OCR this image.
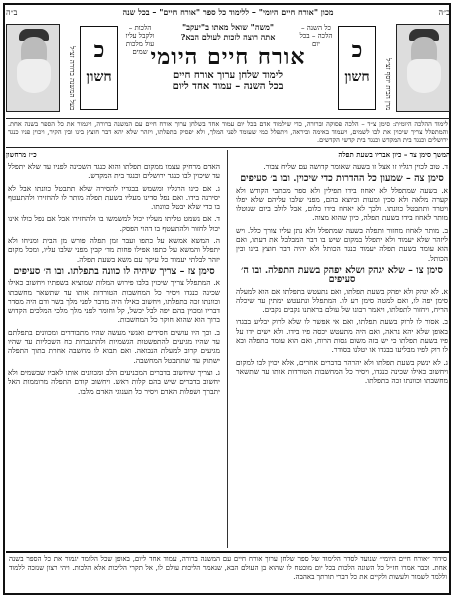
ב״ה
מכון "אורח חיים היומי" – ללימוד כל ספר "אורח חיים" – בכל שנה
ב״ה
מרן הבית יוסף זצ״ל
כ
חשון
כל השנה – הלכה – בכל יום
"משה" שואל מאתו ב"יעקב"
אתה רוצה לזכות לעולם הבא?
אורח חיים היומי
לימוד שלחן ערוך אורח חיים
בכל השנה – עמוד אחד ליום
הלכות – ולקבל עליו עול מלכות שמים
כ
חשון
בעל המשנה ברורה זצ״ל
לימוד ההלכה היומית: סימן צ״ד – הלכה פסוקה וברורה, כדי שילמוד אדם בכל יום עמוד אחד בשלחן ערוך אורח חיים עם המשנה ברורה, ויגמור את כל הספר בשנה אחת. והמתפלל צריך שיכוין את לבו לשמים, ויעמוד באימה וביראה, ויתפלל כמי שעומד לפני המלך, ולא יפסיק בתפלתו, ויזהר שלא יהא דבר חוצץ בינו ובין הקיר, ויכוין פניו כנגד ירושלים וכנגד בית המקדש וכנגד בית קדשי הקדשים.
המשך סימן צד – כיון אבריו בשעת תפלה
כ״ז מרחשון
ד. טוב לכוין רגליו זו אצל זו בשעה שאומר קדושה עם שליח צבור.
סימן צה – שמעון כל ההדרות כדי שיכוין. ובו ב׳ סעיפים
א. בשעה שמתפלל לא יאחוז בידו תפילין ולא ספר מכתבי הקודש ולא קערה מלאה ולא סכין ומעות וכיוצא בהם, מפני שלבו עליהם שלא יפלו ויטרד ותתבטל כוונתו. ולכך לא יאחוז בידו כלום, אבל לולב ביום שנוטלו מותר לאחוז בידו בשעת תפלה, כיון שהוא מצוה.
ב. מותר לאחוז מחזור ותפלה בשעה שמתפלל ולא נתן עליו צורך כלל. ויש ליזהר שלא יעמוד ולא יתפלל במקום שיש בו דבר המבלבל את דעתו, ואם הוא עומד בשעת תפלה יעמוד כנגד הכותל ולא יהיה דבר חוצץ בינו ובין הכותל.
סימן צו – שלא יגהק ושלא יפהק בשעת התפלה. ובו ה׳ סעיפים
א. לא יגהק ולא יפהק בשעת תפלתו, ואם נתעטש בתפלתו אם הוא למעלה סימן יפה לו, ואם למטה סימן רע לו. המתפלל ונתעטש ימתין עד שיכלה הריח, ויחזור לתפלתו, ויאמר רבונו של עולם בראתנו נקבים נקבים.
ב. אסור לו לרוק בשעת תפלתו, ואם אי אפשר לו שלא לרוק יבליע בבגדו באופן שלא יהא נראה, ואם היה מתעטש יכסה פיו בידו. ולא ישים ידו על פיו בשעת תפלתו כי יש בזה משום גסות הרוח, ואם הוא עומד בתפלה ובא לו רוק לפיו מבליעו בבגדו או יטלנו בסודר.
ג. לא ינשק בשעת תפלתו ולא יהרהר בדברים אחרים, אלא יכוין לבו למקום ויחשוב כאילו שכינה כנגדו, ויסיר כל המחשבות הטורדות אותו עד שתשאר מחשבתו וכוונתו זכה בתפלתו.
האדם מרחיק עצמו ממקום תפלתו והוא כנגד השכינה לפניו עד שלא יתפלל עד שיכוין לבו כנגד ירושלים וכנגד בית המקדש.
ג. אם כינו הרגליו ומשמש בבגדיו להסירה שלא תתבטל כוונתו אבל לא יסירנה בידו. ואם נפל סדינו מעליו בשעת תפלה מותר לו להחזירו ולהתעטף בו כדי שלא יבטל כוונתו.
ד. אם נשמט טליתו מעליו יכול למשמשו בו ולהחזירו אבל אם נפל כולו אינו יכול לחזור ולהתעטף בו דהוי הפסק.
ה. המשא אמשא על כתפו ועבר זמן תפלה פורש מן הבית ומניחו ולא יתפלל והמשא על כתפו אפילו פחות מד׳ קבין מפני שלבו עליו, ומכל מקום יזהר לבלתי יעמוד כל עיקר עם משא בשעת תפלה.
סימן צז – צריך שיהיה לו כוונה בתפלתו. ובו ה׳ סעיפים
א. המתפלל צריך שיכוין בלבו פירוש המלות שמוציא בשפתיו ויחשוב כאילו שכינה כנגדו ויסיר כל המחשבות הטורדות אותו עד שתשאר מחשבתו וכוונתו זכה בתפלתו, ויחשוב כאילו היה מדבר לפני מלך בשר ודם היה מסדר דבריו ומכוין בהם יפה לבל יכשל, קל וחומר לפני מלך מלכי המלכים הקדוש ברוך הוא שהוא חוקר כל המחשבות.
ב. וכך היו עושים חסידים ואנשי מעשה שהיו מתבודדים ומכוונים בתפלתם עד שהיו מגיעים להתפשטות הגשמיות ולהתגברות כח השכליות עד שהיו מגיעים קרוב למעלת הנבואה. ואם תבוא לו מחשבה אחרת בתוך התפלה ישתוק עד שתתבטל המחשבה.
ג. וצריך שיחשוב בדברים המכניעים הלב ומכוונים אותו לאביו שבשמים ולא יחשוב בדברים שיש בהם קלות ראש. ויחשוב קודם התפלה מרוממות האל יתברך ושפלות האדם ויסיר כל תענוגי האדם מלבו.
סידור ״אורח חיים היומי״ שנועד לסדר הלימוד של ספר שלחן ערוך אורח חיים עם המשנה ברורה, עמוד אחד ליום, באופן שכל הלומד יגמור את כל הספר בשנה אחת. וכבר אמרו חז״ל כל השונה הלכות בכל יום מובטח לו שהוא בן העולם הבא, שנאמר הליכות עולם לו, אל תקרי הליכות אלא הלכות. ויהי רצון שנזכה ללמוד וללמד לשמור ולעשות ולקיים את כל דברי תורתך באהבה.
